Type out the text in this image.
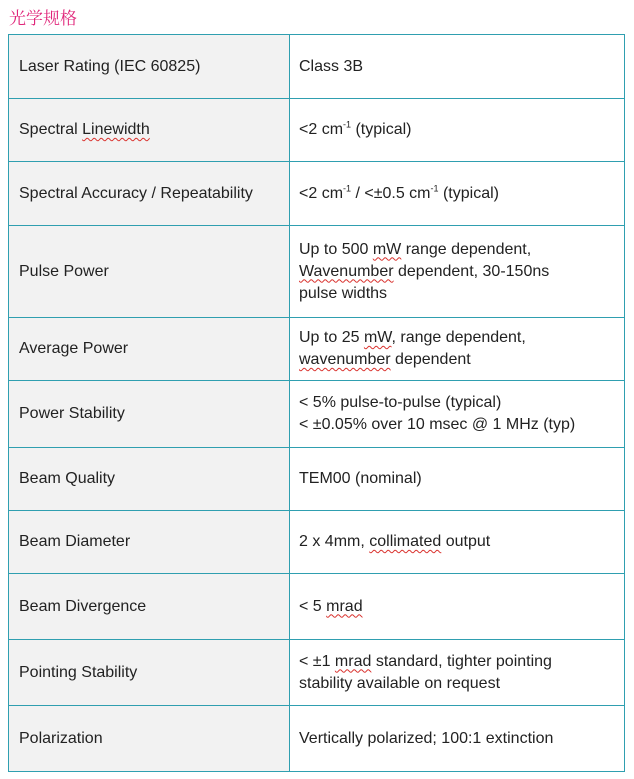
光学规格
Laser Rating (IEC 60825)	Class 3B
Spectral Linewidth	<2 $cm^{-1}$ (typical)
Spectral Accuracy / Repeatability	<2 $cm^{-1} / <\pm 0.5$ $cm^{-1}$ (typical)
Pulse Power	Up to 500 mW range dependent,
Wavenumber dependent, 30-150ns
pulse widths

Average Power	Up to 25 mW, range dependent,
wavenumber dependent

Power Stability	< 5% pulse-to-pulse (typical)
< ±0.05% over 10 msec @ 1 MHz (typ)

Beam Quality	TEM00 (nominal)
Beam Diameter	2 x 4mm, collimated output
Beam Divergence	< 5 mrad
Pointing Stability	< ±1 mrad standard, tighter pointing
stability available on request

Polarization	Vertically polarized; 100:1 extinction
